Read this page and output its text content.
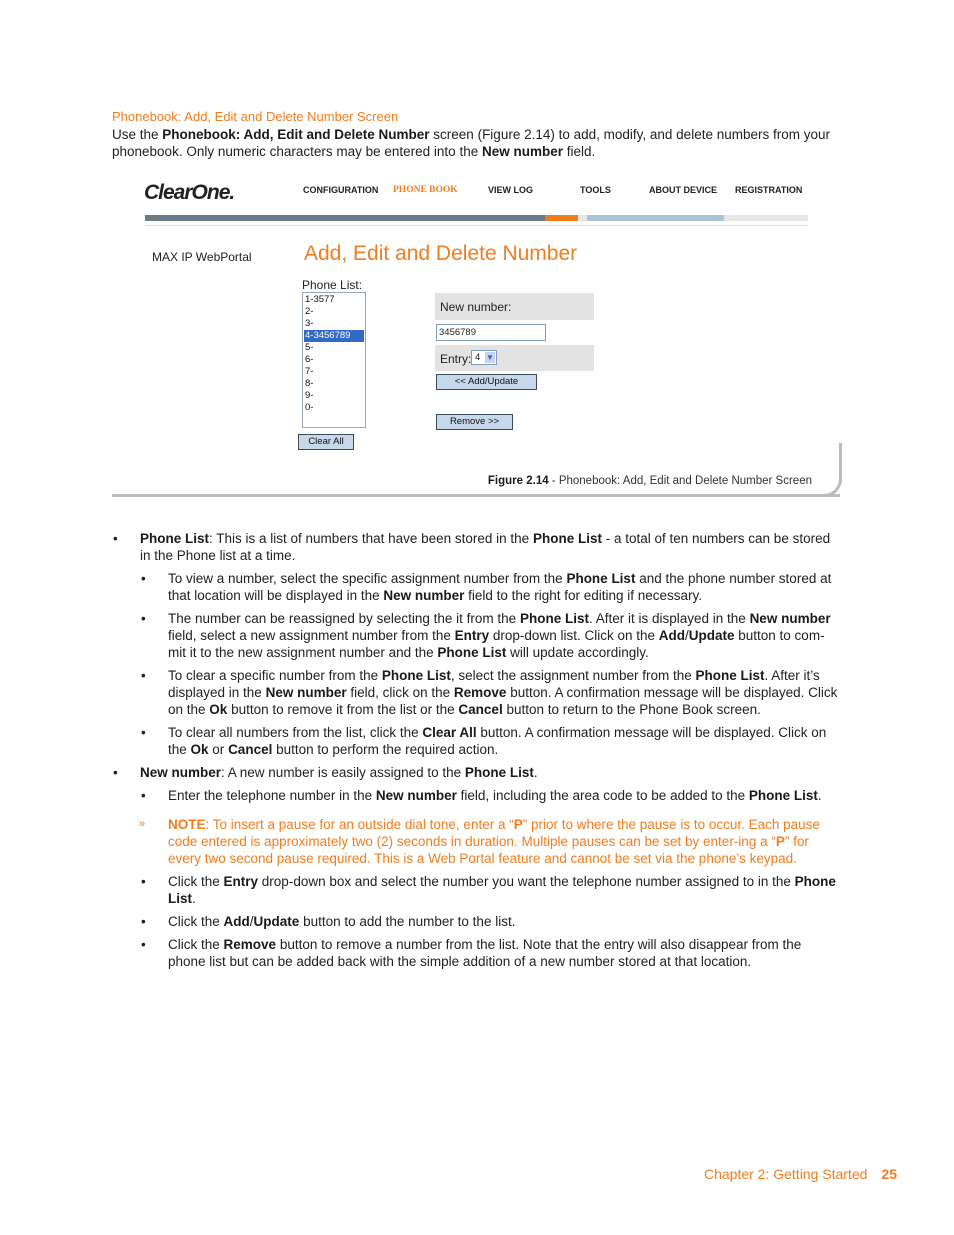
Phonebook: Add, Edit and Delete Number Screen
Use the Phonebook: Add, Edit and Delete Number screen (Figure 2.14) to add, modify, and delete numbers from your phonebook. Only numeric characters may be entered into the New number field.
ClearOne.	CONFIGURATION PHONE BOOK	VIEW LOG	TOOLS	ABOUT DEVICE REGISTRATION
MAX IP WebPortal Add, Edit and Delete Number
Phone List:
1-3577
2-
3-
4-3456789
5-
6-
7-
8-
9-
0-
Clear All
New number:
3456789
Entry: 4 ▼
<< Add/Update
Remove >>
Figure 2.14 - Phonebook: Add, Edit and Delete Number Screen
• Phone List: This is a list of numbers that have been stored in the Phone List - a total of ten numbers can be stored in the Phone list at a time.
• To view a number, select the specific assignment number from the Phone List and the phone number stored at that location will be displayed in the New number field to the right for editing if necessary.
• The number can be reassigned by selecting the it from the Phone List. After it is displayed in the New number field, select a new assignment number from the Entry drop-down list. Click on the Add/Update button to com-mit it to the new assignment number and the Phone List will update accordingly.
• To clear a specific number from the Phone List, select the assignment number from the Phone List. After it’s displayed in the New number field, click on the Remove button. A confirmation message will be displayed. Click on the Ok button to remove it from the list or the Cancel button to return to the Phone Book screen.
• To clear all numbers from the list, click the Clear All button. A confirmation message will be displayed. Click on the Ok or Cancel button to perform the required action.
• New number: A new number is easily assigned to the Phone List.
• Enter the telephone number in the New number field, including the area code to be added to the Phone List.
» NOTE: To insert a pause for an outside dial tone, enter a “P” prior to where the pause is to occur. Each pause code entered is approximately two (2) seconds in duration. Multiple pauses can be set by enter-ing a “P” for every two second pause required. This is a Web Portal feature and cannot be set via the phone’s keypad.
• Click the Entry drop-down box and select the number you want the telephone number assigned to in the Phone List.
• Click the Add/Update button to add the number to the list.
• Click the Remove button to remove a number from the list. Note that the entry will also disappear from the phone list but can be added back with the simple addition of a new number stored at that location.
Chapter 2: Getting Started 25
